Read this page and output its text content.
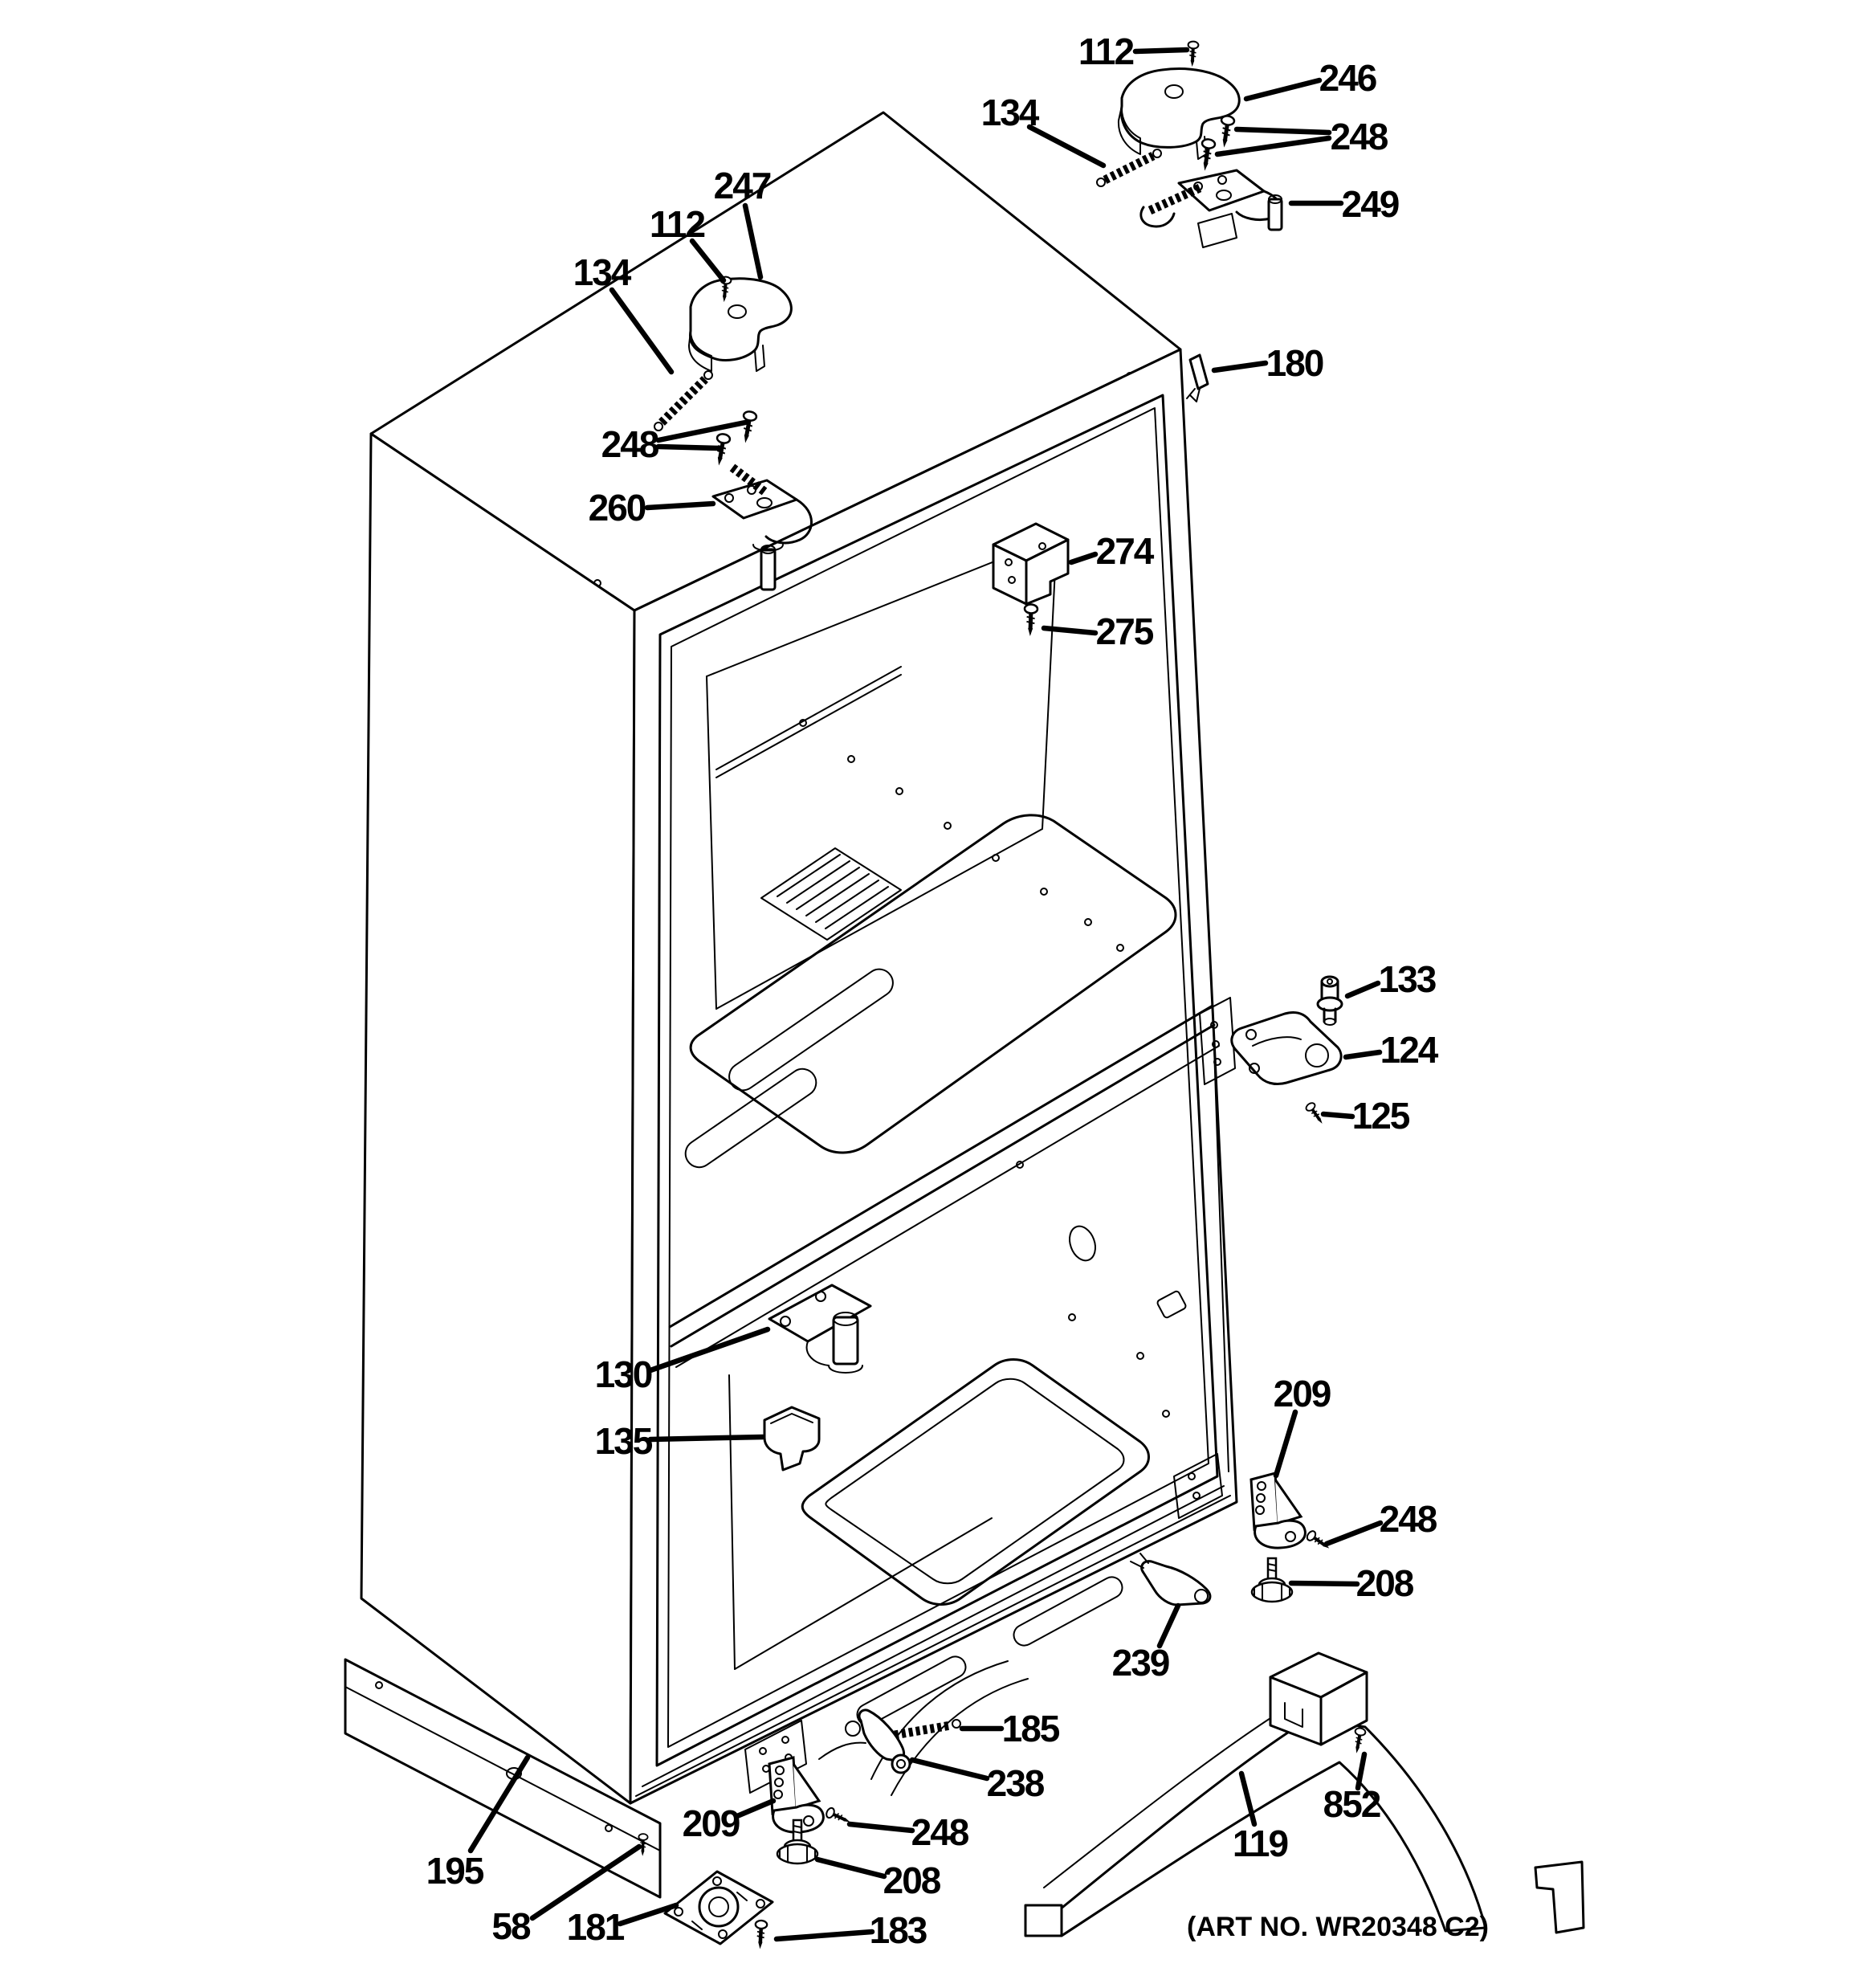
(ART NO. WR20348 C2)
112
246
134
248
249
247
112
134
248
260
180
274
275
133
124
125
130
135
209
248
208
239
185
238
209	248
208
183
181
195
58
119
852
